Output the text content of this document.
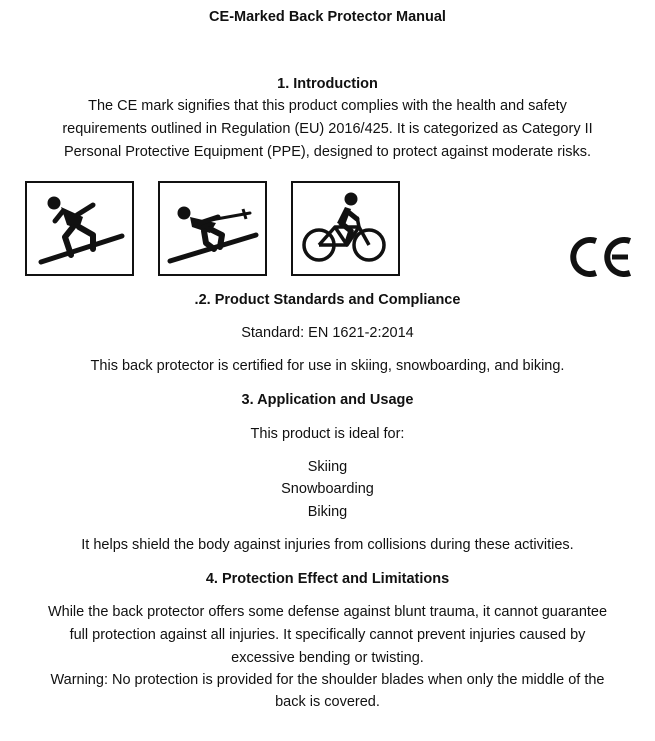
CE-Marked Back Protector Manual
1. Introduction
The CE mark signifies that this product complies with the health and safety
requirements outlined in Regulation (EU) 2016/425. It is categorized as Category II
Personal Protective Equipment (PPE), designed to protect against moderate risks.
.2. Product Standards and Compliance
Standard: EN 1621-2:2014
This back protector is certified for use in skiing, snowboarding, and biking.
3. Application and Usage
This product is ideal for:
Skiing
Snowboarding
Biking
It helps shield the body against injuries from collisions during these activities.
4. Protection Effect and Limitations
While the back protector offers some defense against blunt trauma, it cannot guarantee
full protection against all injuries. It specifically cannot prevent injuries caused by
excessive bending or twisting.
Warning: No protection is provided for the shoulder blades when only the middle of the
back is covered.
